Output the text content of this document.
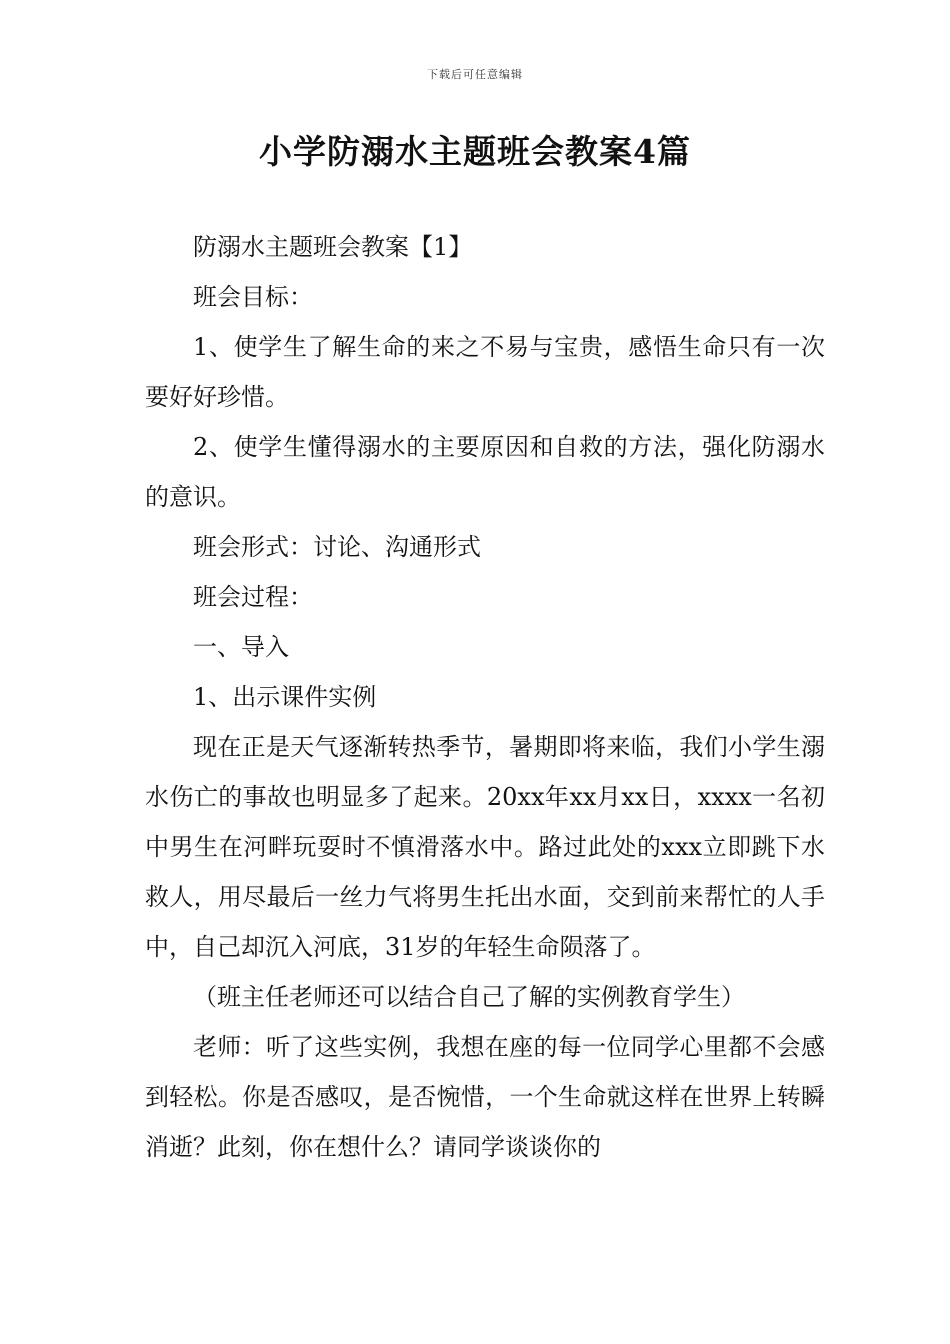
下载后可任意编辑
小学防溺水主题班会教案4篇

防溺水主题班会教案【1】

班会目标：

1、使学生了解生命的来之不易与宝贵，感悟生命只有一次要好好珍惜。

2、使学生懂得溺水的主要原因和自救的方法，强化防溺水的意识。

班会形式：讨论、沟通形式

班会过程：

一、导入

1、出示课件实例

现在正是天气逐渐转热季节，暑期即将来临，我们小学生溺水伤亡的事故也明显多了起来。20xx年xx月xx日，xxxx一名初中男生在河畔玩耍时不慎滑落水中。路过此处的xxx立即跳下水救人，用尽最后一丝力气将男生托出水面，交到前来帮忙的人手中，自己却沉入河底，31岁的年轻生命陨落了。

（班主任老师还可以结合自己了解的实例教育学生）

老师：听了这些实例，我想在座的每一位同学心里都不会感到轻松。你是否感叹，是否惋惜，一个生命就这样在世界上转瞬消逝？此刻，你在想什么？请同学谈谈你的
